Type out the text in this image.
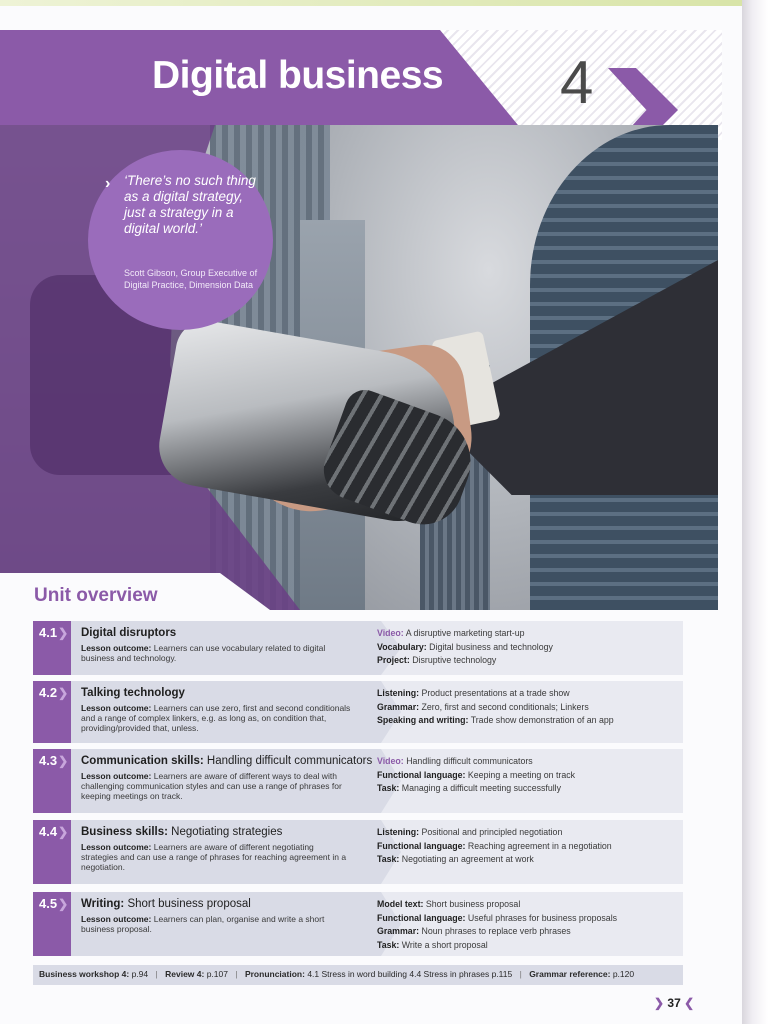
Digital business 4
› ‘There’s no such thing as a digital strategy, just a strategy in a digital world.’
Scott Gibson, Group Executive of Digital Practice, Dimension Data
Unit overview
4.1❯ Digital disruptors
Lesson outcome: Learners can use vocabulary related to digital business and technology.
Video: A disruptive marketing start-up
Vocabulary: Digital business and technology
Project: Disruptive technology
4.2❯ Talking technology
Lesson outcome: Learners can use zero, first and second conditionals and a range of complex linkers, e.g. as long as, on condition that, providing/provided that, unless.
Listening: Product presentations at a trade show
Grammar: Zero, first and second conditionals; Linkers
Speaking and writing: Trade show demonstration of an app
4.3❯ Communication skills: Handling difficult communicators
Lesson outcome: Learners are aware of different ways to deal with challenging communication styles and can use a range of phrases for keeping meetings on track.
Video: Handling difficult communicators
Functional language: Keeping a meeting on track
Task: Managing a difficult meeting successfully
4.4❯ Business skills: Negotiating strategies
Lesson outcome: Learners are aware of different negotiating strategies and can use a range of phrases for reaching agreement in a negotiation.
Listening: Positional and principled negotiation
Functional language: Reaching agreement in a negotiation
Task: Negotiating an agreement at work
4.5❯ Writing: Short business proposal
Lesson outcome: Learners can plan, organise and write a short business proposal.
Model text: Short business proposal
Functional language: Useful phrases for business proposals
Grammar: Noun phrases to replace verb phrases
Task: Write a short proposal
Business workshop 4: p.94 | Review 4: p.107 | Pronunciation: 4.1 Stress in word building 4.4 Stress in phrases p.115 | Grammar reference: p.120
❯ 37 ❮
